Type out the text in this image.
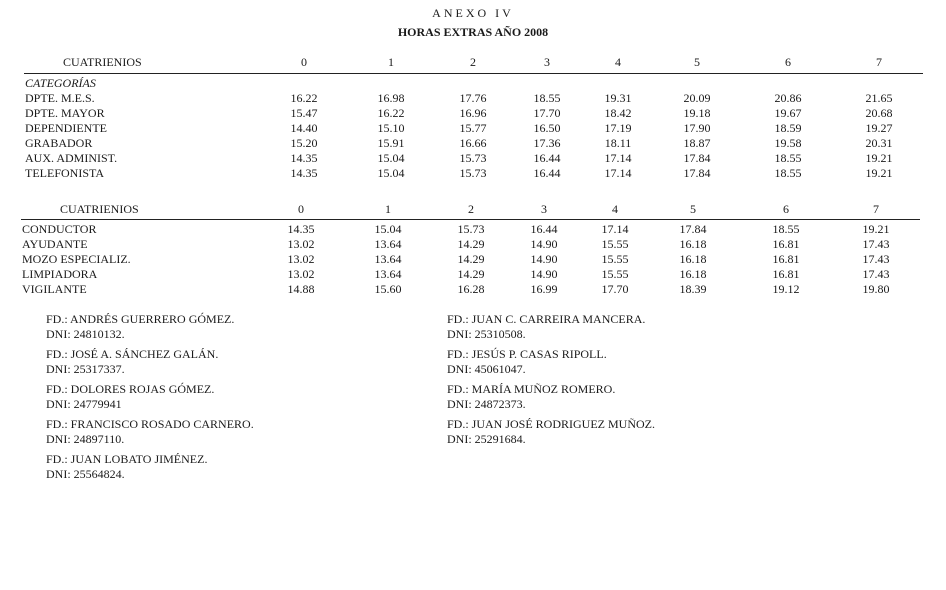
ANEXO IV
HORAS EXTRAS AÑO 2008
CUATRIENIOS	0	1	2	3	4	5	6	7
CATEGORÍAS
DPTE. M.E.S.	16.22	16.98	17.76	18.55	19.31	20.09	20.86	21.65
DPTE. MAYOR	15.47	16.22	16.96	17.70	18.42	19.18	19.67	20.68
DEPENDIENTE	14.40	15.10	15.77	16.50	17.19	17.90	18.59	19.27
GRABADOR	15.20	15.91	16.66	17.36	18.11	18.87	19.58	20.31
AUX. ADMINIST.	14.35	15.04	15.73	16.44	17.14	17.84	18.55	19.21
TELEFONISTA	14.35	15.04	15.73	16.44	17.14	17.84	18.55	19.21
CUATRIENIOS	0	1	2	3	4	5	6	7
CONDUCTOR	14.35	15.04	15.73	16.44	17.14	17.84	18.55	19.21
AYUDANTE	13.02	13.64	14.29	14.90	15.55	16.18	16.81	17.43
MOZO ESPECIALIZ.	13.02	13.64	14.29	14.90	15.55	16.18	16.81	17.43
LIMPIADORA	13.02	13.64	14.29	14.90	15.55	16.18	16.81	17.43
VIGILANTE	14.88	15.60	16.28	16.99	17.70	18.39	19.12	19.80
FD.: ANDRÉS GUERRERO GÓMEZ.
DNI: 24810132.
FD.: JOSÉ A. SÁNCHEZ GALÁN.
DNI: 25317337.
FD.: DOLORES ROJAS GÓMEZ.
DNI: 24779941
FD.: FRANCISCO ROSADO CARNERO.
DNI: 24897110.
FD.: JUAN LOBATO JIMÉNEZ.
DNI: 25564824.
FD.: JUAN C. CARREIRA MANCERA.
DNI: 25310508.
FD.: JESÚS P. CASAS RIPOLL.
DNI: 45061047.
FD.: MARÍA MUÑOZ ROMERO.
DNI: 24872373.
FD.: JUAN JOSÉ RODRIGUEZ MUÑOZ.
DNI: 25291684.
